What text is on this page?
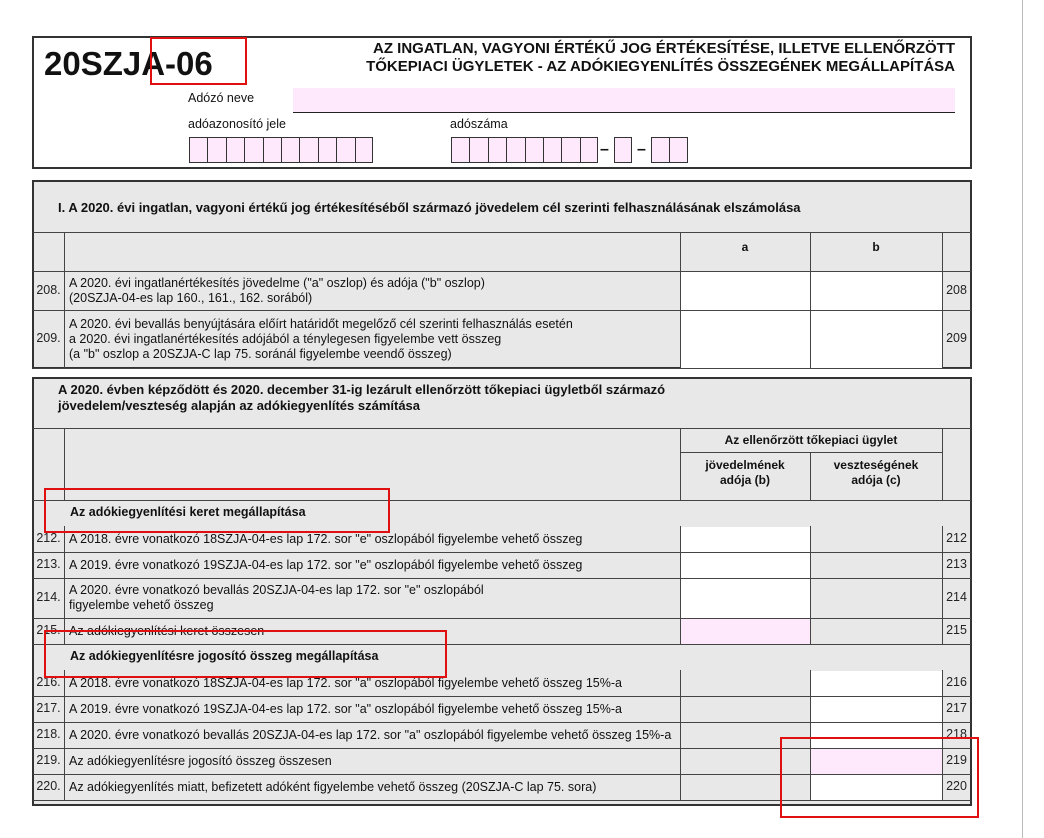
20SZJA-06	AZ INGATLAN, VAGYONI ÉRTÉKŰ JOG ÉRTÉKESÍTÉSE, ILLETVE ELLENŐRZÖTT
TŐKEPIACI ÜGYLETEK - AZ ADÓKIEGYENLÍTÉS ÖSSZEGÉNEK MEGÁLLAPÍTÁSA
Adózó neve
adóazonosító jele	adószáma
– –
I. A 2020. évi ingatlan, vagyoni értékű jog értékesítéséből származó jövedelem cél szerinti felhasználásának elszámolása
a	b
208. A 2020. évi ingatlanértékesítés jövedelme ("a" oszlop) és adója ("b" oszlop)
(20SZJA-04-es lap 160., 161., 162. sorából)
208
209.
A 2020. évi bevallás benyújtására előírt határidőt megelőző cél szerinti felhasználás esetén
a 2020. évi ingatlanértékesítés adójából a ténylegesen figyelembe vett összeg
(a "b" oszlop a 20SZJA-C lap 75. soránál figyelembe veendő összeg)
209
A 2020. évben képződött és 2020. december 31-ig lezárult ellenőrzött tőkepiaci ügyletből származó
jövedelem/veszteség alapján az adókiegyenlítés számítása
Az ellenőrzött tőkepiaci ügylet
jövedelmének
adója (b)
veszteségének
adója (c)
Az adókiegyenlítési keret megállapítása
Az adókiegyenlítésre jogosító összeg megállapítása
212. A 2018. évre vonatkozó 18SZJA-04-es lap 172. sor "e" oszlopából figyelembe vehető összeg	212
213. A 2019. évre vonatkozó 19SZJA-04-es lap 172. sor "e" oszlopából figyelembe vehető összeg	213
214. A 2020. évre vonatkozó bevallás 20SZJA-04-es lap 172. sor "e" oszlopából
figyelembe vehető összeg
214
215. Az adókiegyenlítési keret összesen	215
216. A 2018. évre vonatkozó 18SZJA-04-es lap 172. sor "a" oszlopából figyelembe vehető összeg 15%-a	216
217. A 2019. évre vonatkozó 19SZJA-04-es lap 172. sor "a" oszlopából figyelembe vehető összeg 15%-a	217
218. A 2020. évre vonatkozó bevallás 20SZJA-04-es lap 172. sor "a" oszlopából figyelembe vehető összeg 15%-a	218
219. Az adókiegyenlítésre jogosító összeg összesen	219
220. Az adókiegyenlítés miatt, befizetett adóként figyelembe vehető összeg (20SZJA-C lap 75. sora)	220
